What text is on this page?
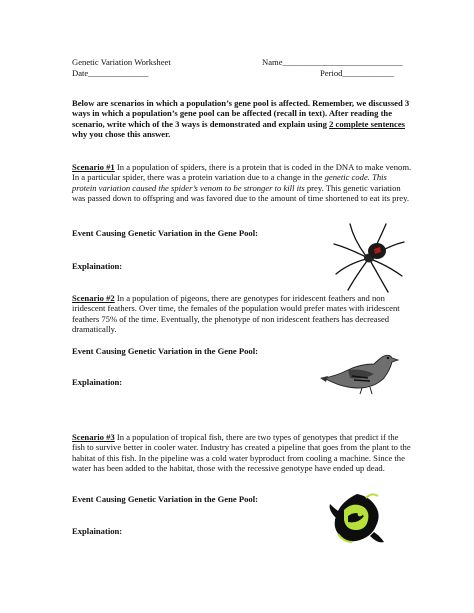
Genetic Variation Worksheet	Name____________________________
Date______________	Period____________
Below are scenarios in which a population’s gene pool is affected. Remember, we discussed 3 ways in which a population’s gene pool can be affected (recall in text). After reading the scenario, write which of the 3 ways is demonstrated and explain using 2 complete sentences why you chose this answer.
Scenario #1 In a population of spiders, there is a protein that is coded in the DNA to make venom. In a particular spider, there was a protein variation due to a change in the genetic code. This protein variation caused the spider’s venom to be stronger to kill its prey. This genetic variation was passed down to offspring and was favored due to the amount of time shortened to eat its prey.
Event Causing Genetic Variation in the Gene Pool:
Explaination:
Scenario #2 In a population of pigeons, there are genotypes for iridescent feathers and non iridescent feathers. Over time, the females of the population would prefer mates with iridescent feathers 75% of the time. Eventually, the phenotype of non iridescent feathers has decreased dramatically.
Event Causing Genetic Variation in the Gene Pool:
Explaination:
Scenario #3 In a population of tropical fish, there are two types of genotypes that predict if the fish to survive better in cooler water. Industry has created a pipeline that goes from the plant to the habitat of this fish. In the pipeline was a cold water byproduct from cooling a machine. Since the water has been added to the habitat, those with the recessive genotype have ended up dead.
Event Causing Genetic Variation in the Gene Pool:
Explaination:
